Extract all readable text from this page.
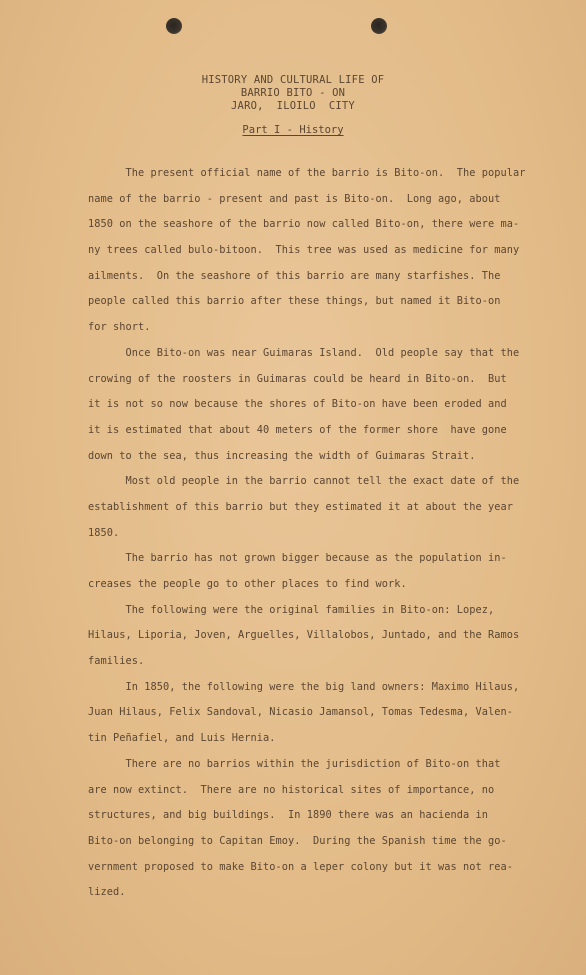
HISTORY AND CULTURAL LIFE OF
BARRIO BITO - ON
JARO,  ILOILO  CITY
Part I - History
The present official name of the barrio is Bito-on.  The popular
name of the barrio - present and past is Bito-on.  Long ago, about
1850 on the seashore of the barrio now called Bito-on, there were ma-
ny trees called bulo-bitoon.  This tree was used as medicine for many
ailments.  On the seashore of this barrio are many starfishes. The
people called this barrio after these things, but named it Bito-on
for short.
Once Bito-on was near Guimaras Island.  Old people say that the
crowing of the roosters in Guimaras could be heard in Bito-on.  But
it is not so now because the shores of Bito-on have been eroded and
it is estimated that about 40 meters of the former shore  have gone
down to the sea, thus increasing the width of Guimaras Strait.
Most old people in the barrio cannot tell the exact date of the
establishment of this barrio but they estimated it at about the year
1850.
The barrio has not grown bigger because as the population in-
creases the people go to other places to find work.
The following were the original families in Bito-on: Lopez,
Hilaus, Liporia, Joven, Arguelles, Villalobos, Juntado, and the Ramos
families.
In 1850, the following were the big land owners: Maximo Hilaus,
Juan Hilaus, Felix Sandoval, Nicasio Jamansol, Tomas Tedesma, Valen-
tin Peñafiel, and Luis Hernia.
There are no barrios within the jurisdiction of Bito-on that
are now extinct.  There are no historical sites of importance, no
structures, and big buildings.  In 1890 there was an hacienda in
Bito-on belonging to Capitan Emoy.  During the Spanish time the go-
vernment proposed to make Bito-on a leper colony but it was not rea-
lized.
